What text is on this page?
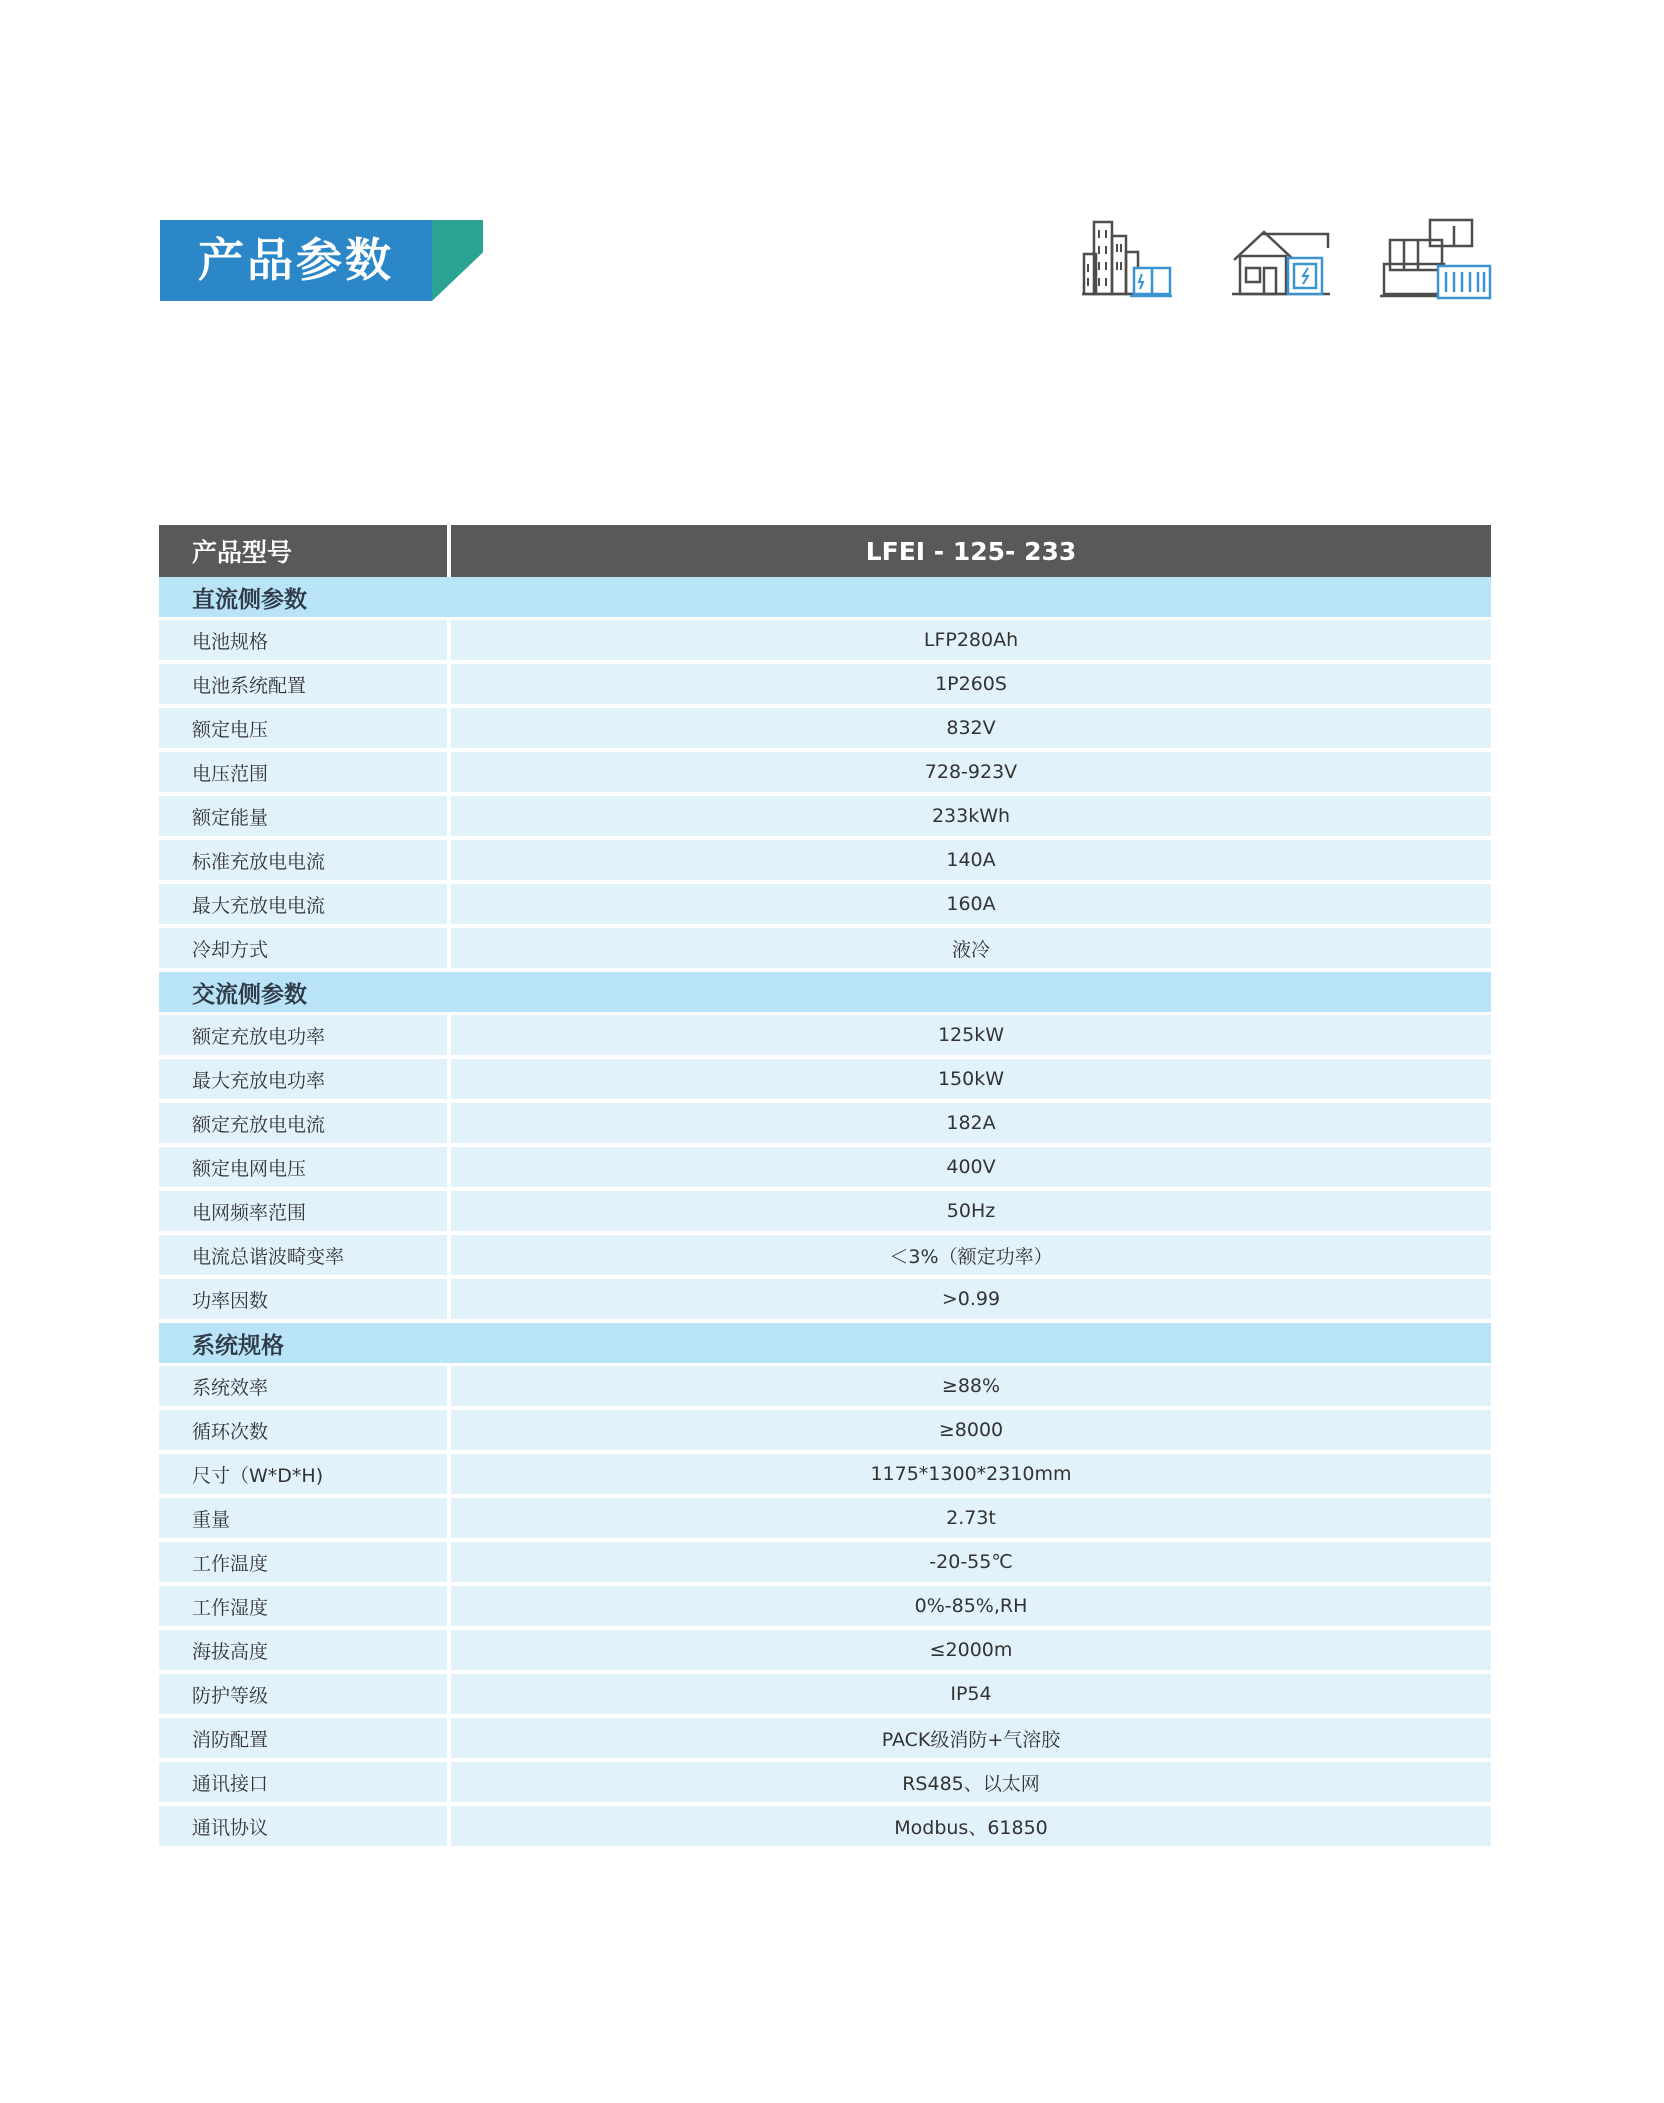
产品参数
产品型号	LFEI - 125- 233
直流侧参数	
电池规格	LFP280Ah
电池系统配置	1P260S
额定电压	832V
电压范围	728-923V
额定能量	233kWh
标准充放电电流	140A
最大充放电电流	160A
冷却方式	液冷
交流侧参数	
额定充放电功率	125kW
最大充放电功率	150kW
额定充放电电流	182A
额定电网电压	400V
电网频率范围	50Hz
电流总谐波畸变率	＜3%（额定功率）
功率因数	>0.99
系统规格	
系统效率	≥88%
循环次数	≥8000
尺寸（W*D*H)	1175*1300*2310mm
重量	2.73t
工作温度	-20-55℃
工作湿度	0%-85%,RH
海拔高度	≤2000m
防护等级	IP54
消防配置	PACK级消防+气溶胶
通讯接口	RS485、以太网
通讯协议	Modbus、61850
